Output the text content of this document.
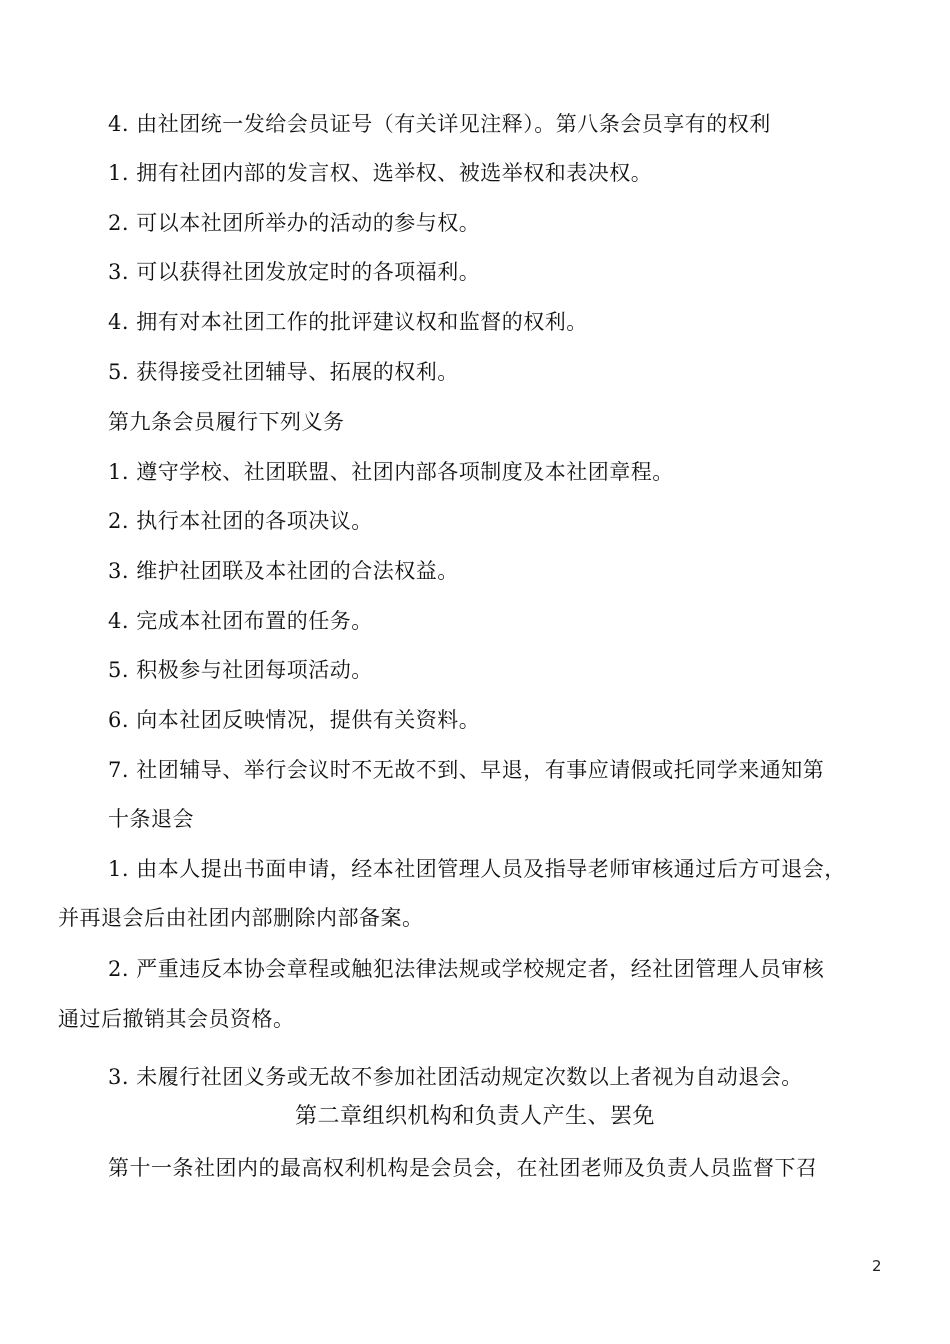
4. 由社团统一发给会员证号（有关详见注释）。第八条会员享有的权利
1. 拥有社团内部的发言权、选举权、被选举权和表决权。
2. 可以本社团所举办的活动的参与权。
3. 可以获得社团发放定时的各项福利。
4. 拥有对本社团工作的批评建议权和监督的权利。
5. 获得接受社团辅导、拓展的权利。
第九条会员履行下列义务
1. 遵守学校、社团联盟、社团内部各项制度及本社团章程。
2. 执行本社团的各项决议。
3. 维护社团联及本社团的合法权益。
4. 完成本社团布置的任务。
5. 积极参与社团每项活动。
6. 向本社团反映情况，提供有关资料。
7. 社团辅导、举行会议时不无故不到、早退，有事应请假或托同学来通知第
十条退会
1. 由本人提出书面申请，经本社团管理人员及指导老师审核通过后方可退会，
并再退会后由社团内部删除内部备案。
2. 严重违反本协会章程或触犯法律法规或学校规定者，经社团管理人员审核
通过后撤销其会员资格。
3. 未履行社团义务或无故不参加社团活动规定次数以上者视为自动退会。
第二章组织机构和负责人产生、罢免
第十一条社团内的最高权利机构是会员会，在社团老师及负责人员监督下召
2
